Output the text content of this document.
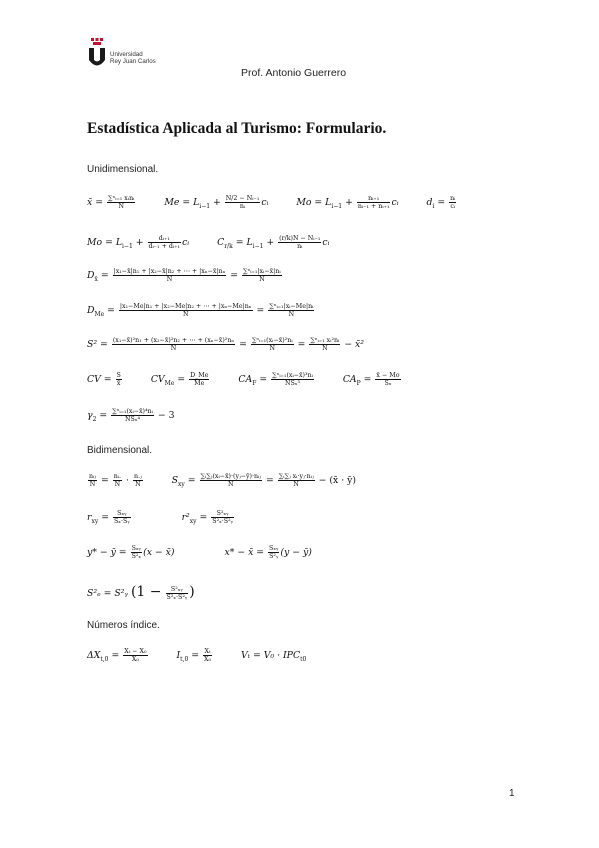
Universidad
Rey Juan Carlos
Prof. Antonio Guerrero
Estadística Aplicada al Turismo: Formulario.
Unidimensional.
x̄ = $\frac{\text{∑ⁿᵢ₌₁ xᵢnᵢ}}{N}$	$Me = L_{i-1} + \frac{\text{N/2 − Nᵢ₋₁}}{\text{nᵢ}}$ cᵢ	$Mo = L_{i-1} + \frac{\text{nᵢ₊₁}}{\text{nᵢ₋₁ + nᵢ₊₁}}$ cᵢ	$d_i = \frac{\text{nᵢ}}{\text{cᵢ}}$
$Mo = L_{i-1} + \frac{\text{dᵢ₊₁}}{\text{dᵢ₋₁ + dᵢ₊₁}}$ cᵢ	$C_{r/k} = L_{i-1} + \frac{\text{(r/k)N − Nᵢ₋₁}}{\text{nᵢ}}$ cᵢ
$D_{x̄} = \frac{\text{|x₁−x̄|n₁ + |x₂−x̄|n₂ + ⋯ + |xₙ−x̄|nₙ}}{N} = \frac{\text{∑ⁿᵢ₌₁|xᵢ−x̄|nᵢ}}{N}$
$D_{Me} = \frac{\text{|x₁−Me|n₁ + |x₂−Me|n₂ + ⋯ + |xₙ−Me|nₙ}}{N} = \frac{\text{∑ⁿᵢ₌₁|xᵢ−Me|nᵢ}}{N}$
$S^2 = \frac{\text{(x₁−x̄)²n₁ + (x₂−x̄)²n₂ + ⋯ + (xₙ−x̄)²nₙ}}{N} = \frac{\text{∑ⁿᵢ₌₁(xᵢ−x̄)²nᵢ}}{N} = \frac{\text{∑ⁿᵢ₌₁ xᵢ²nᵢ}}{N}$ − x̄²
CV = $\frac{S}{x̄}$	$CV_{Me} = \frac{D\_Me}{Me}$	$CA_F = \frac{\text{∑ⁿᵢ₌₁(xᵢ−x̄)³nᵢ}}{\text{NSₓ³}}$	$CA_P = \frac{x̄ - Mo}{\text{Sₓ}}$
$\gamma_2 = \frac{\text{∑ⁿᵢ₌₁(xᵢ−x̄)⁴nᵢ}}{\text{NSₓ⁴}} - 3$
Bidimensional.
$\frac{\text{nᵢⱼ}}{N} = \frac{\text{nᵢ.}}{N} \cdot \frac{\text{n.ⱼ}}{N}$	$S_{xy} = \frac{\text{∑ᵢ∑ⱼ(xᵢ−x̄)·(yⱼ−ȳ)·nᵢⱼ}}{N} = \frac{\text{∑ᵢ∑ⱼ xᵢ·yⱼ·nᵢⱼ}}{N}$ − (x̄ · ȳ)
$r_{xy} = \frac{\text{Sₓᵧ}}{\text{Sₓ·Sᵧ}}$	$r^2_{xy} = \frac{\text{S²ₓᵧ}}{\text{S²ₓ·S²ᵧ}}$
y* − ȳ = $\frac{\text{Sₓᵧ}}{\text{S²ₓ}} (x$ − x̄)	x* − x̄ = $\frac{\text{Sₓᵧ}}{\text{S²ᵧ}} (y$ − ȳ)
S²ₑ = S²ᵧ ($1 - \frac{\text{S²ₓᵧ}}{\text{S²ₓ·S²ᵧ}}$ )
Números índice.
$\Delta X_{t,0} = \frac{\text{Xₜ − X₀}}{\text{X₀}}$	$I_{t,0} = \frac{\text{Xₜ}}{\text{X₀}}$	$V_t = V_0 \cdot IPC_{t0}$
1
